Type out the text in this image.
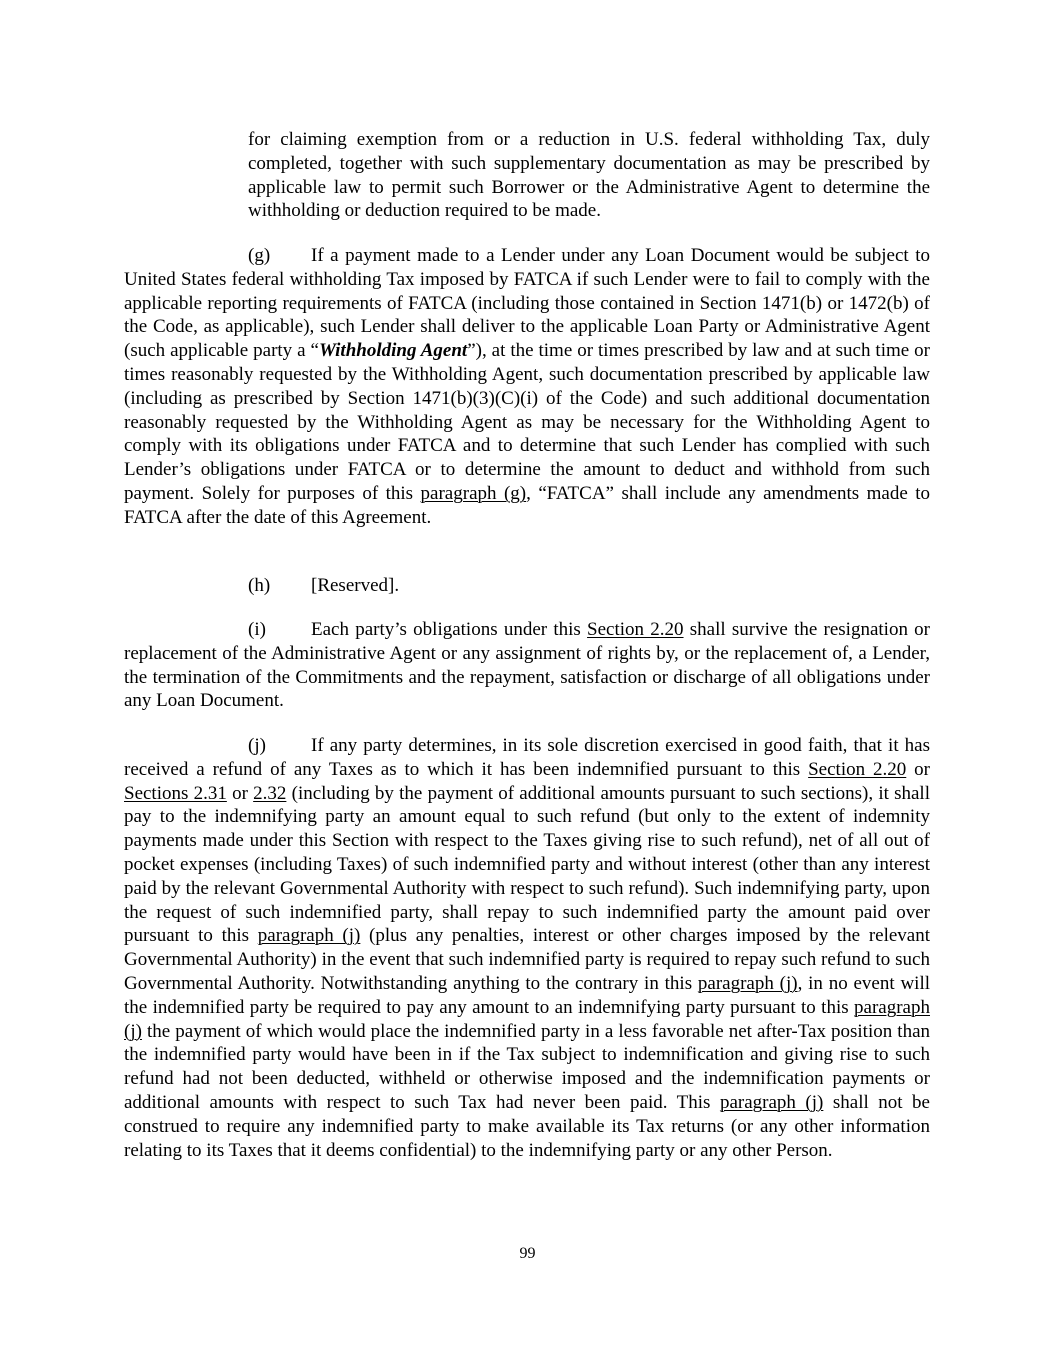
for claiming exemption from or a reduction in U.S. federal withholding Tax, duly completed, together with such supplementary documentation as may be prescribed by applicable law to permit such Borrower or the Administrative Agent to determine the withholding or deduction required to be made.

(g) If a payment made to a Lender under any Loan Document would be subject to United States federal withholding Tax imposed by FATCA if such Lender were to fail to comply with the applicable reporting requirements of FATCA (including those contained in Section 1471(b) or 1472(b) of the Code, as applicable), such Lender shall deliver to the applicable Loan Party or Administrative Agent (such applicable party a “Withholding Agent”), at the time or times prescribed by law and at such time or times reasonably requested by the Withholding Agent, such documentation prescribed by applicable law (including as prescribed by Section 1471(b)(3)(C)(i) of the Code) and such additional documentation reasonably requested by the Withholding Agent as may be necessary for the Withholding Agent to comply with its obligations under FATCA and to determine that such Lender has complied with such Lender’s obligations under FATCA or to determine the amount to deduct and withhold from such payment. Solely for purposes of this paragraph (g), “FATCA” shall include any amendments made to FATCA after the date of this Agreement.

(h) [Reserved].

(i) Each party’s obligations under this Section 2.20 shall survive the resignation or replacement of the Administrative Agent or any assignment of rights by, or the replacement of, a Lender, the termination of the Commitments and the repayment, satisfaction or discharge of all obligations under any Loan Document.

(j) If any party determines, in its sole discretion exercised in good faith, that it has received a refund of any Taxes as to which it has been indemnified pursuant to this Section 2.20 or Sections 2.31 or 2.32 (including by the payment of additional amounts pursuant to such sections), it shall pay to the indemnifying party an amount equal to such refund (but only to the extent of indemnity payments made under this Section with respect to the Taxes giving rise to such refund), net of all out of pocket expenses (including Taxes) of such indemnified party and without interest (other than any interest paid by the relevant Governmental Authority with respect to such refund). Such indemnifying party, upon the request of such indemnified party, shall repay to such indemnified party the amount paid over pursuant to this paragraph (j) (plus any penalties, interest or other charges imposed by the relevant Governmental Authority) in the event that such indemnified party is required to repay such refund to such Governmental Authority. Notwithstanding anything to the contrary in this paragraph (j), in no event will the indemnified party be required to pay any amount to an indemnifying party pursuant to this paragraph (j) the payment of which would place the indemnified party in a less favorable net after-Tax position than the indemnified party would have been in if the Tax subject to indemnification and giving rise to such refund had not been deducted, withheld or otherwise imposed and the indemnification payments or additional amounts with respect to such Tax had never been paid. This paragraph (j) shall not be construed to require any indemnified party to make available its Tax returns (or any other information relating to its Taxes that it deems confidential) to the indemnifying party or any other Person.

99
